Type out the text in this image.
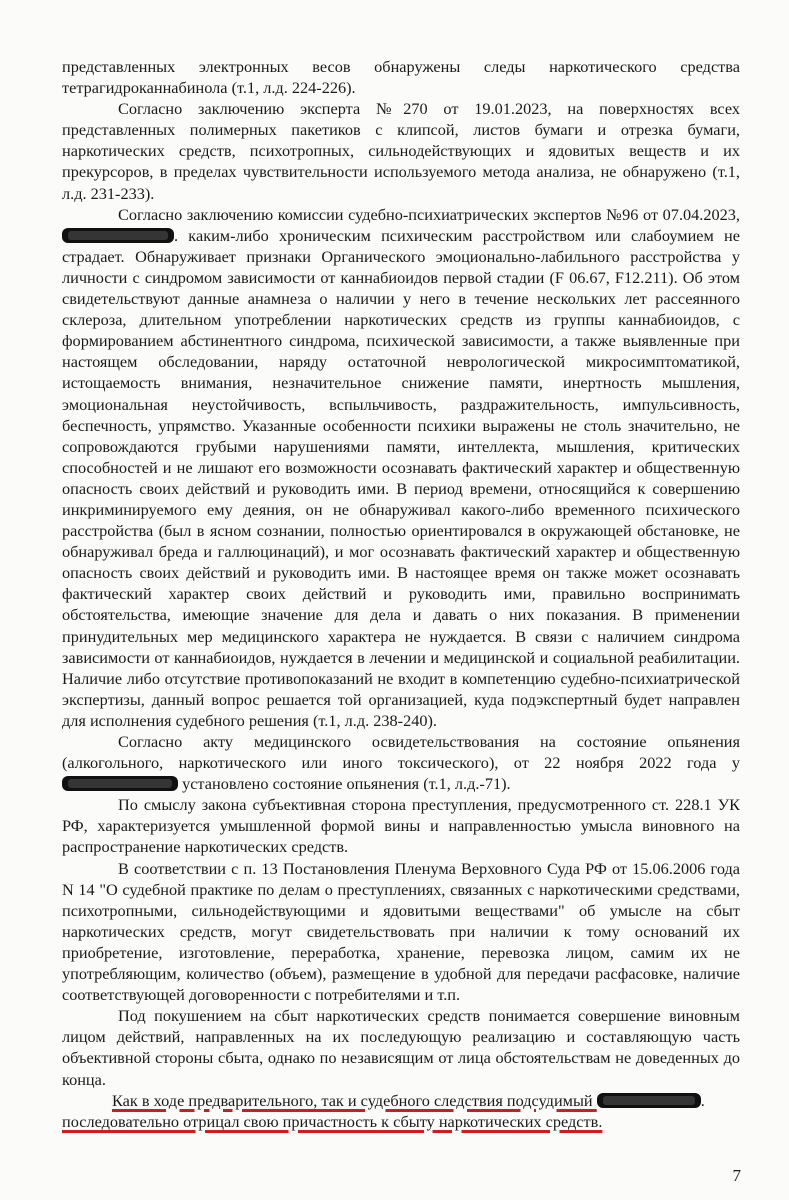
представленных электронных весов обнаружены следы наркотического средства тетрагидроканнабинола (т.1, л.д. 224-226).

Согласно заключению эксперта №270 от 19.01.2023, на поверхностях всех представленных полимерных пакетиков с клипсой, листов бумаги и отрезка бумаги, наркотических средств, психотропных, сильнодействующих и ядовитых веществ и их прекурсоров, в пределах чувствительности используемого метода анализа, не обнаружено (т.1, л.д. 231-233).

Согласно заключению комиссии судебно-психиатрических экспертов №96 от 07.04.2023, . каким-либо хроническим психическим расстройством или слабоумием не страдает. Обнаруживает признаки Органического эмоционально-лабильного расстройства у личности с синдромом зависимости от каннабиоидов первой стадии (F 06.67, F12.211). Об этом свидетельствуют данные анамнеза о наличии у него в течение нескольких лет рассеянного склероза, длительном употреблении наркотических средств из группы каннабиоидов, с формированием абстинентного синдрома, психической зависимости, а также выявленные при настоящем обследовании, наряду остаточной неврологической микросимптоматикой, истощаемость внимания, незначительное снижение памяти, инертность мышления, эмоциональная неустойчивость, вспыльчивость, раздражительность, импульсивность, беспечность, упрямство. Указанные особенности психики выражены не столь значительно, не сопровождаются грубыми нарушениями памяти, интеллекта, мышления, критических способностей и не лишают его возможности осознавать фактический характер и общественную опасность своих действий и руководить ими. В период времени, относящийся к совершению инкриминируемого ему деяния, он не обнаруживал какого-либо временного психического расстройства (был в ясном сознании, полностью ориентировался в окружающей обстановке, не обнаруживал бреда и галлюцинаций), и мог осознавать фактический характер и общественную опасность своих действий и руководить ими. В настоящее время он также может осознавать фактический характер своих действий и руководить ими, правильно воспринимать обстоятельства, имеющие значение для дела и давать о них показания. В применении принудительных мер медицинского характера не нуждается. В связи с наличием синдрома зависимости от каннабиоидов, нуждается в лечении и медицинской и социальной реабилитации. Наличие либо отсутствие противопоказаний не входит в компетенцию судебно-психиатрической экспертизы, данный вопрос решается той организацией, куда подэкспертный будет направлен для исполнения судебного решения (т.1, л.д. 238-240).

Согласно акту медицинского освидетельствования на состояние опьянения (алкогольного, наркотического или иного токсического), от 22 ноября 2022 года у  установлено состояние опьянения (т.1, л.д.-71).

По смыслу закона субъективная сторона преступления, предусмотренного ст. 228.1 УК РФ, характеризуется умышленной формой вины и направленностью умысла виновного на распространение наркотических средств.

В соответствии с п. 13 Постановления Пленума Верховного Суда РФ от 15.06.2006 года N 14 "О судебной практике по делам о преступлениях, связанных с наркотическими средствами, психотропными, сильнодействующими и ядовитыми веществами" об умысле на сбыт наркотических средств, могут свидетельствовать при наличии к тому оснований их приобретение, изготовление, переработка, хранение, перевозка лицом, самим их не употребляющим, количество (объем), размещение в удобной для передачи расфасовке, наличие соответствующей договоренности с потребителями и т.п.

Под покушением на сбыт наркотических средств понимается совершение виновным лицом действий, направленных на их последующую реализацию и составляющую часть объективной стороны сбыта, однако по независящим от лица обстоятельствам не доведенных до конца.

Как в ходе предварительного, так и судебного следствия подсудимый	.
последовательно отрицал свою причастность к сбыту наркотических средств.

7
